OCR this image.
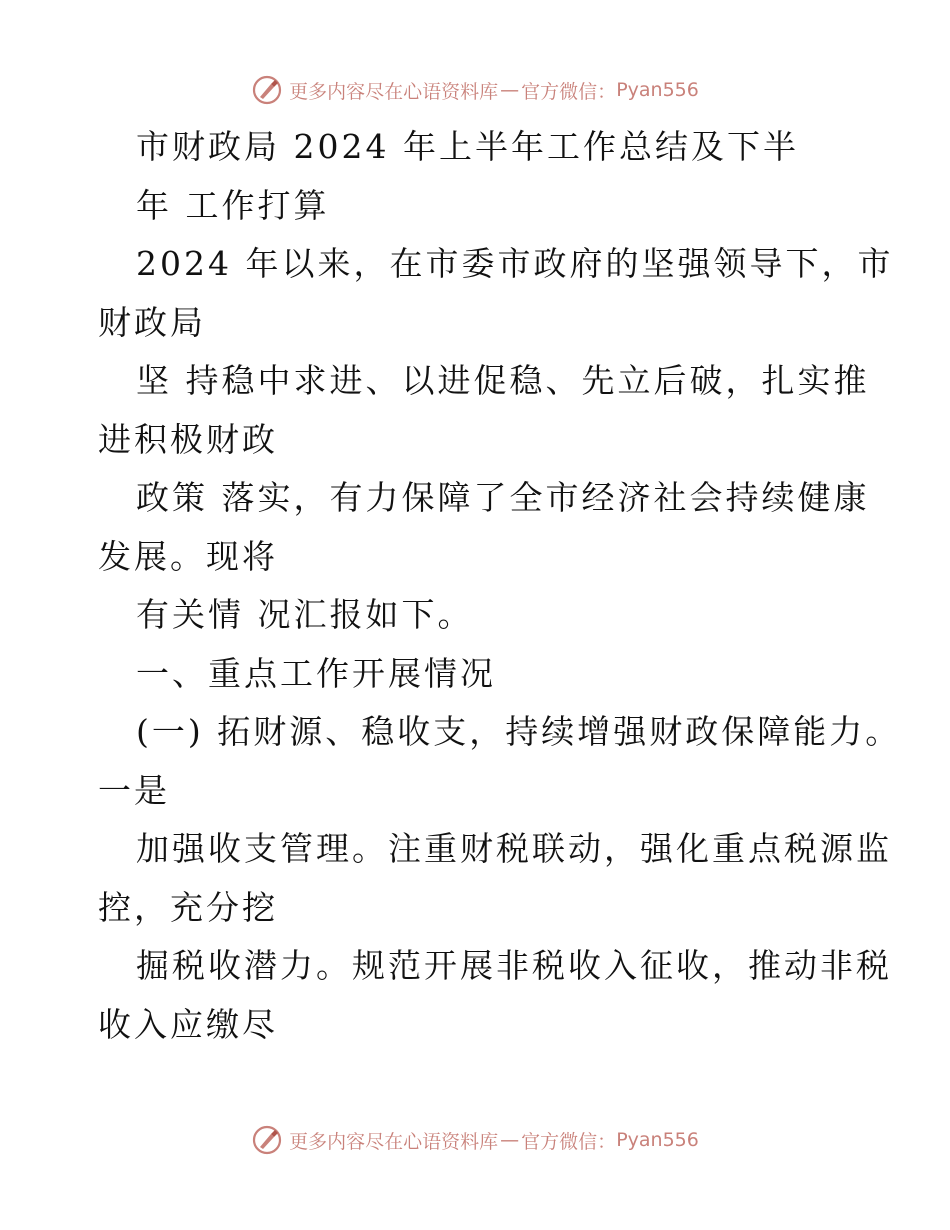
更多内容尽在心语资料库 — 官方微信： Pyan556
市财政局 2024 年上半年工作总结及下半
年 工作打算
2024 年以来，在市委市政府的坚强领导下，市
财政局
坚 持稳中求进、以进促稳、先立后破，扎实推
进积极财政
政策 落实，有力保障了全市经济社会持续健康
发展。现将
有关情 况汇报如下。
一、重点工作开展情况
(一) 拓财源、稳收支，持续增强财政保障能力。
一是
加强收支管理。注重财税联动，强化重点税源监
控，充分挖
掘税收潜力。规范开展非税收入征收，推动非税
收入应缴尽
更多内容尽在心语资料库 — 官方微信： Pyan556
